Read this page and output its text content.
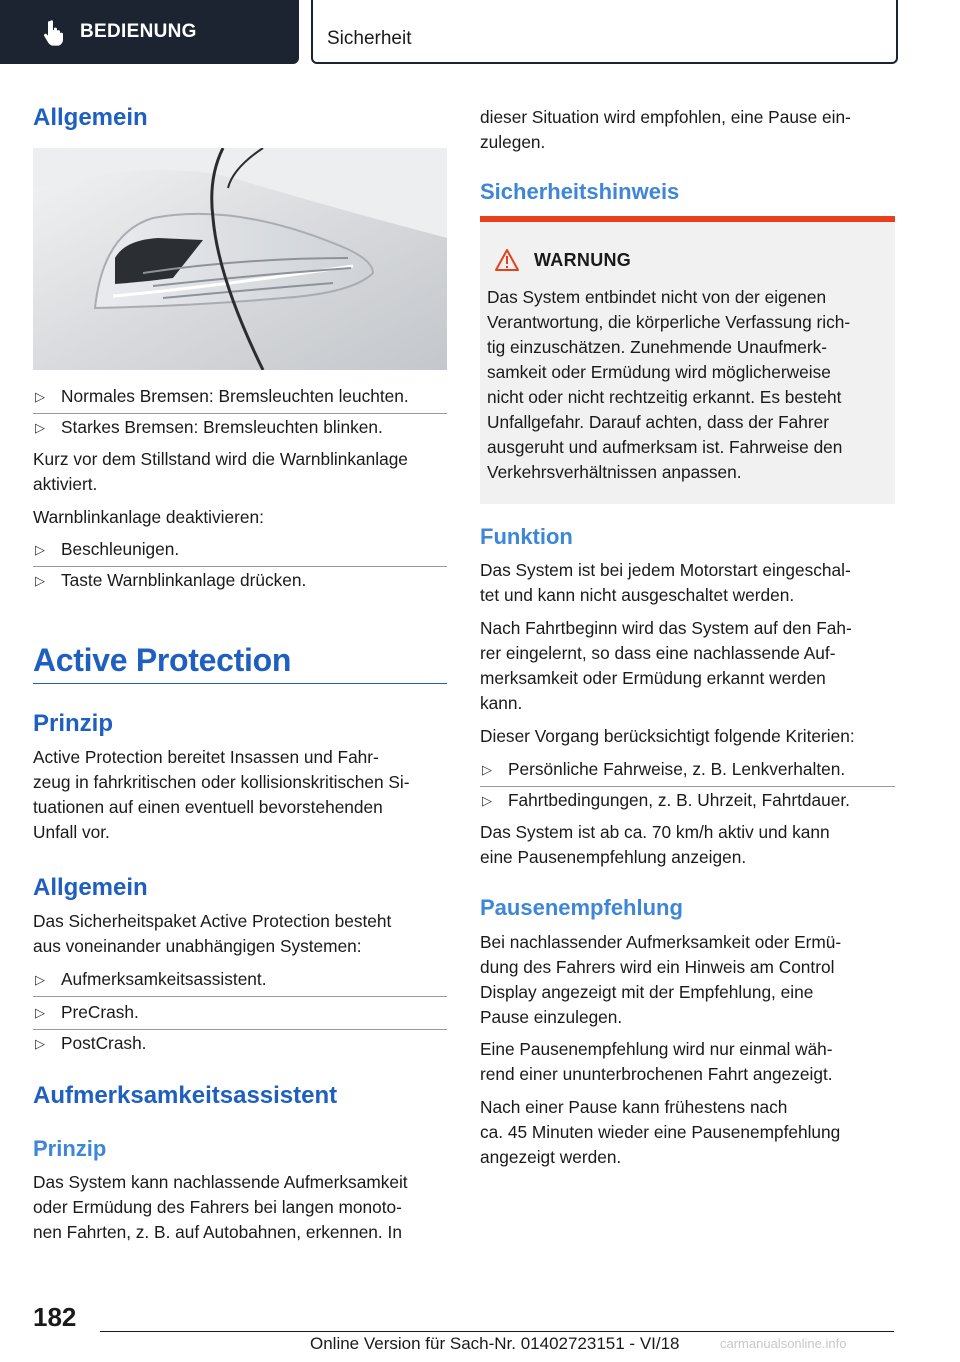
BEDIENUNG	Sicherheit
Allgemein
▷ Normales Bremsen: Bremsleuchten leuchten.
▷ Starkes Bremsen: Bremsleuchten blinken.

Kurz vor dem Stillstand wird die Warnblinkanlage

aktiviert.

Warnblinkanlage deaktivieren:

▷ Beschleunigen.
▷ Taste Warnblinkanlage drücken.
Active Protection
Prinzip

Active Protection bereitet Insassen und Fahr-

zeug in fahrkritischen oder kollisionskritischen Si-

tuationen auf einen eventuell bevorstehenden

Unfall vor.

Allgemein

Das Sicherheitspaket Active Protection besteht

aus voneinander unabhängigen Systemen:

▷ Aufmerksamkeitsassistent.
▷ PreCrash.
▷ PostCrash.
Aufmerksamkeitsassistent
Prinzip

Das System kann nachlassende Aufmerksamkeit

oder Ermüdung des Fahrers bei langen monoto-

nen Fahrten, z. B. auf Autobahnen, erkennen. In

dieser Situation wird empfohlen, eine Pause ein-

zulegen.

Sicherheitshinweis
WARNUNG

Das System entbindet nicht von der eigenen

Verantwortung, die körperliche Verfassung rich-

tig einzuschätzen. Zunehmende Unaufmerk-

samkeit oder Ermüdung wird möglicherweise

nicht oder nicht rechtzeitig erkannt. Es besteht

Unfallgefahr. Darauf achten, dass der Fahrer

ausgeruht und aufmerksam ist. Fahrweise den

Verkehrsverhältnissen anpassen.

Funktion

Das System ist bei jedem Motorstart eingeschal-

tet und kann nicht ausgeschaltet werden.

Nach Fahrtbeginn wird das System auf den Fah-

rer eingelernt, so dass eine nachlassende Auf-

merksamkeit oder Ermüdung erkannt werden

kann.

Dieser Vorgang berücksichtigt folgende Kriterien:

▷ Persönliche Fahrweise, z. B. Lenkverhalten.
▷ Fahrtbedingungen, z. B. Uhrzeit, Fahrtdauer.

Das System ist ab ca. 70 km/h aktiv und kann

eine Pausenempfehlung anzeigen.

Pausenempfehlung

Bei nachlassender Aufmerksamkeit oder Ermü-

dung des Fahrers wird ein Hinweis am Control

Display angezeigt mit der Empfehlung, eine

Pause einzulegen.

Eine Pausenempfehlung wird nur einmal wäh-

rend einer ununterbrochenen Fahrt angezeigt.

Nach einer Pause kann frühestens nach

ca. 45 Minuten wieder eine Pausenempfehlung

angezeigt werden.

182
Online Version für Sach-Nr. 01402723151 - VI/18	carmanualsonline.info
